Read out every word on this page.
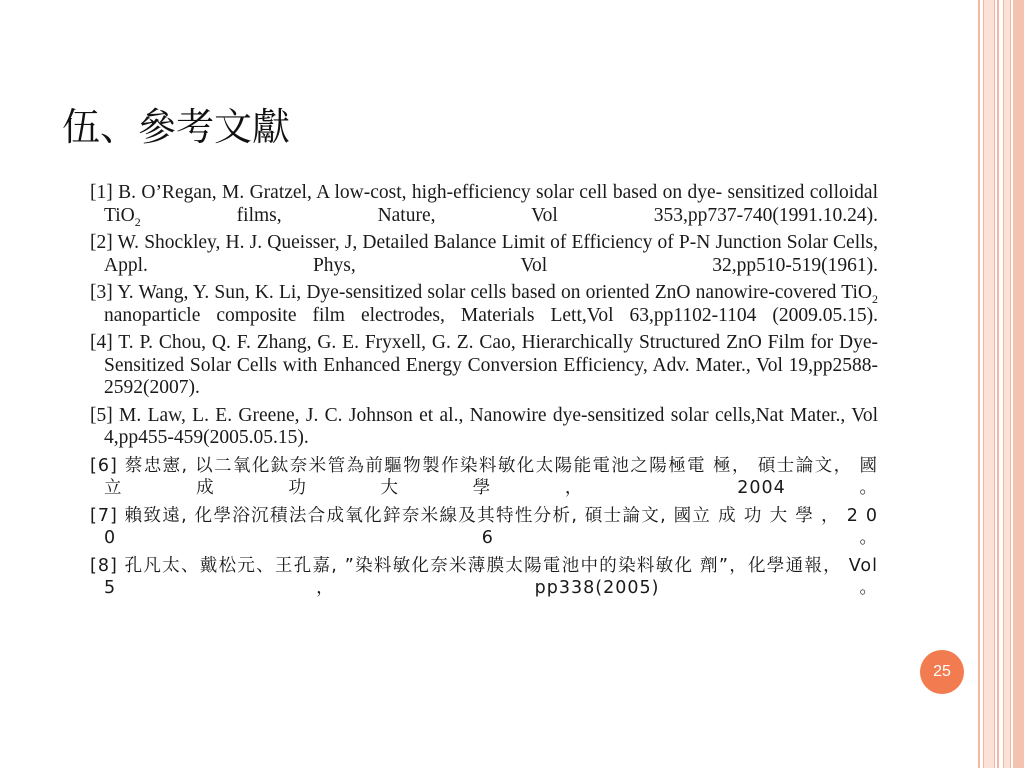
伍、參考文獻
[1] B. O’Regan, M. Gratzel, A low-cost, high-efficiency solar cell based on dye- sensitized colloidal TiO$_2$ films, Nature, Vol 353,pp737-740(1991.10.24).
[2] W. Shockley, H. J. Queisser, J, Detailed Balance Limit of Efficiency of P-N Junction Solar Cells, Appl. Phys, Vol 32,pp510-519(1961).
[3] Y. Wang, Y. Sun, K. Li, Dye-sensitized solar cells based on oriented ZnO nanowire-covered TiO$_2$ nanoparticle composite film electrodes, Materials Lett,Vol 63,pp1102-1104 (2009.05.15).
[4] T. P. Chou, Q. F. Zhang, G. E. Fryxell, G. Z. Cao, Hierarchically Structured ZnO Film for Dye-Sensitized Solar Cells with Enhanced Energy Conversion Efficiency, Adv. Mater., Vol 19,pp2588-2592(2007).
[5] M. Law, L. E. Greene, J. C. Johnson et al., Nanowire dye-sensitized solar cells,Nat Mater., Vol 4,pp455-459(2005.05.15).
[6] 蔡忠憲, 以二氧化鈦奈米管為前驅物製作染料敏化太陽能電池之陽極電 極， 碩士論文， 國立成功大學， 2004。
[7] 賴致遠, 化學浴沉積法合成氧化鋅奈米線及其特性分析, 碩士論文, 國立 成 功 大 學 ， 2 0 0 6 。
[8] 孔凡太、戴松元、王孔嘉, ”染料敏化奈米薄膜太陽電池中的染料敏化 劑”，化學通報， Vol 5，pp338(2005)。
25
